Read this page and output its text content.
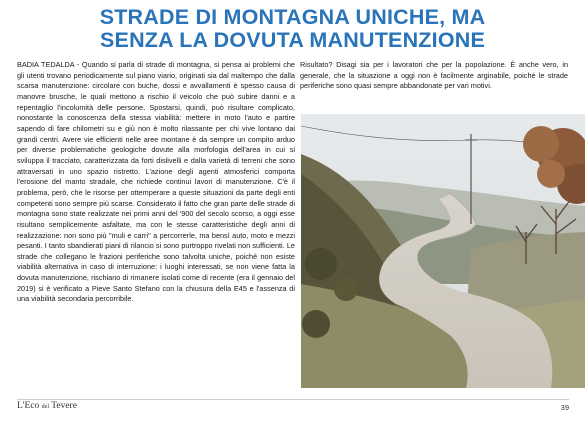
STRADE DI MONTAGNA UNICHE, MA
SENZA LA DOVUTA MANUTENZIONE

BADIA TEDALDA - Quando si parla di strade di montagna, si pensa ai problemi che gli utenti trovano periodicamente sul piano viario, originati sia dal maltempo che dalla scarsa manutenzione: circolare con buche, dossi e avvallamenti è spesso causa di manovre brusche, le quali mettono a rischio il veicolo che può subire danni e a repentaglio l'incolumità delle persone. Spostarsi, quindi, può risultare complicato, nonostante la conoscenza della stessa viabilità: mettere in moto l'auto e partire sapendo di fare chilometri su e giù non è molto rilassante per chi vive lontano dai grandi centri. Avere vie efficienti nelle aree montane è da sempre un compito arduo per diverse problematiche geologiche dovute alla morfologia dell'area in cui si sviluppa il tracciato, caratterizzata da forti dislivelli e dalla varietà di terreni che sono attraversati in uno spazio ristretto. L'azione degli agenti atmosferici comporta l'erosione del manto stradale, che richiede continui lavori di manutenzione. C'è il problema, però, che le risorse per ottemperare a queste situazioni da parte degli enti competenti sono sempre più scarse. Considerato il fatto che gran parte delle strade di montagna sono state realizzate nei primi anni del '900 del secolo scorso, a oggi esse risultano semplicemente asfaltate, ma con le stesse caratteristiche degli anni di realizzazione: non sono più "muli e carri" a percorrerle, ma bensì auto, moto e mezzi pesanti. I tanto sbandierati piani di rilancio si sono purtroppo rivelati non sufficienti. Le strade che collegano le frazioni periferiche sono talvolta uniche, poiché non esiste viabilità alternativa in caso di interruzione: i luoghi interessati, se non viene fatta la dovuta manutenzione, rischiano di rimanere isolati come di recente (era il gennaio del 2019) si è verificato a Pieve Santo Stefano con la chiusura della E45 e l'assenza di una viabilità secondaria percorribile.

Risultato? Disagi sia per i lavoratori che per la popolazione. È anche vero, in generale, che la situazione a oggi non è facilmente arginabile, poiché le strade periferiche sono quasi sempre abbandonate per vari motivi.

L'Eco del Tevere	39
